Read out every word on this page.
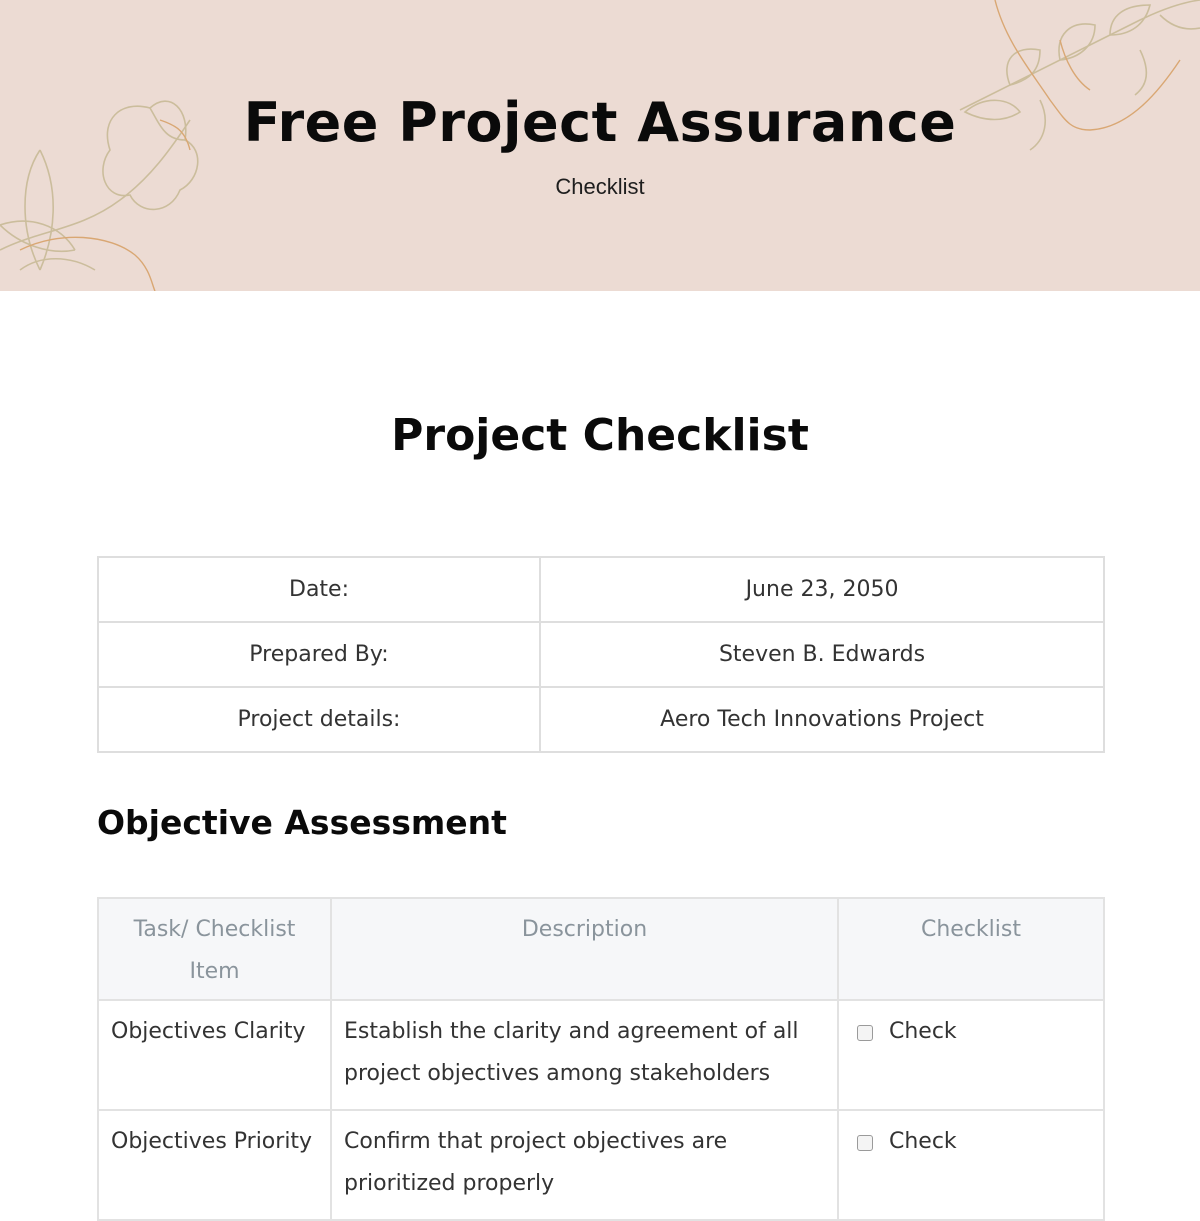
Free Project Assurance
Checklist
Project Checklist
Date:	June 23, 2050
Prepared By:	Steven B. Edwards
Project details:	Aero Tech Innovations Project
Objective Assessment
Task/ Checklist Item	Description	Checklist
Objectives Clarity	Establish the clarity and agreement of all project objectives among stakeholders	Check
Objectives Priority	Confirm that project objectives are prioritized properly	Check
